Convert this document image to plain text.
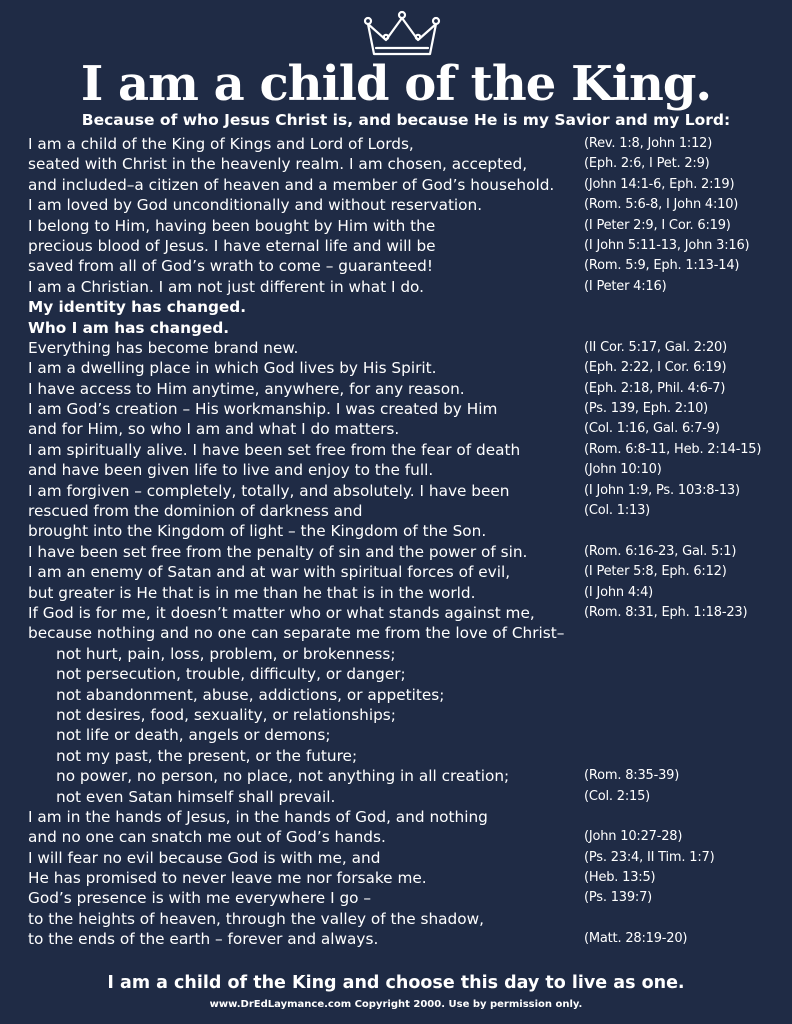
I am a child of the King.

Because of who Jesus Christ is, and because He is my Savior and my Lord:

I am a child of the King of Kings and Lord of Lords,	(Rev. 1:8, John 1:12)
seated with Christ in the heavenly realm. I am chosen, accepted,	(Eph. 2:6, I Pet. 2:9)
and included–a citizen of heaven and a member of God’s household. (John 14:1-6, Eph. 2:19)
I am loved by God unconditionally and without reservation.	(Rom. 5:6-8, I John 4:10)
I belong to Him, having been bought by Him with the	(I Peter 2:9, I Cor. 6:19)
precious blood of Jesus. I have eternal life and will be	(I John 5:11-13, John 3:16)
saved from all of God’s wrath to come – guaranteed!	(Rom. 5:9, Eph. 1:13-14)
I am a Christian. I am not just different in what I do.	(I Peter 4:16)
My identity has changed.
Who I am has changed.
Everything has become brand new.	(II Cor. 5:17, Gal. 2:20)
I am a dwelling place in which God lives by His Spirit.	(Eph. 2:22, I Cor. 6:19)
I have access to Him anytime, anywhere, for any reason.	(Eph. 2:18, Phil. 4:6-7)
I am God’s creation – His workmanship. I was created by Him	(Ps. 139, Eph. 2:10)
and for Him, so who I am and what I do matters.	(Col. 1:16, Gal. 6:7-9)
I am spiritually alive. I have been set free from the fear of death	(Rom. 6:8-11, Heb. 2:14-15)
and have been given life to live and enjoy to the full.	(John 10:10)
I am forgiven – completely, totally, and absolutely. I have been	(I John 1:9, Ps. 103:8-13)
rescued from the dominion of darkness and	(Col. 1:13)
brought into the Kingdom of light – the Kingdom of the Son.
I have been set free from the penalty of sin and the power of sin.	(Rom. 6:16-23, Gal. 5:1)
I am an enemy of Satan and at war with spiritual forces of evil,	(I Peter 5:8, Eph. 6:12)
but greater is He that is in me than he that is in the world.	(I John 4:4)
If God is for me, it doesn’t matter who or what stands against me,	(Rom. 8:31, Eph. 1:18-23)
because nothing and no one can separate me from the love of Christ–
not hurt, pain, loss, problem, or brokenness;
not persecution, trouble, difficulty, or danger;
not abandonment, abuse, addictions, or appetites;
not desires, food, sexuality, or relationships;
not life or death, angels or demons;
not my past, the present, or the future;
no power, no person, no place, not anything in all creation;	(Rom. 8:35-39)
not even Satan himself shall prevail.	(Col. 2:15)
I am in the hands of Jesus, in the hands of God, and nothing
and no one can snatch me out of God’s hands.	(John 10:27-28)
I will fear no evil because God is with me, and	(Ps. 23:4, II Tim. 1:7)
He has promised to never leave me nor forsake me.	(Heb. 13:5)
God’s presence is with me everywhere I go –	(Ps. 139:7)
to the heights of heaven, through the valley of the shadow,
to the ends of the earth – forever and always.	(Matt. 28:19-20)

I am a child of the King and choose this day to live as one.

www.DrEdLaymance.com Copyright 2000. Use by permission only.
